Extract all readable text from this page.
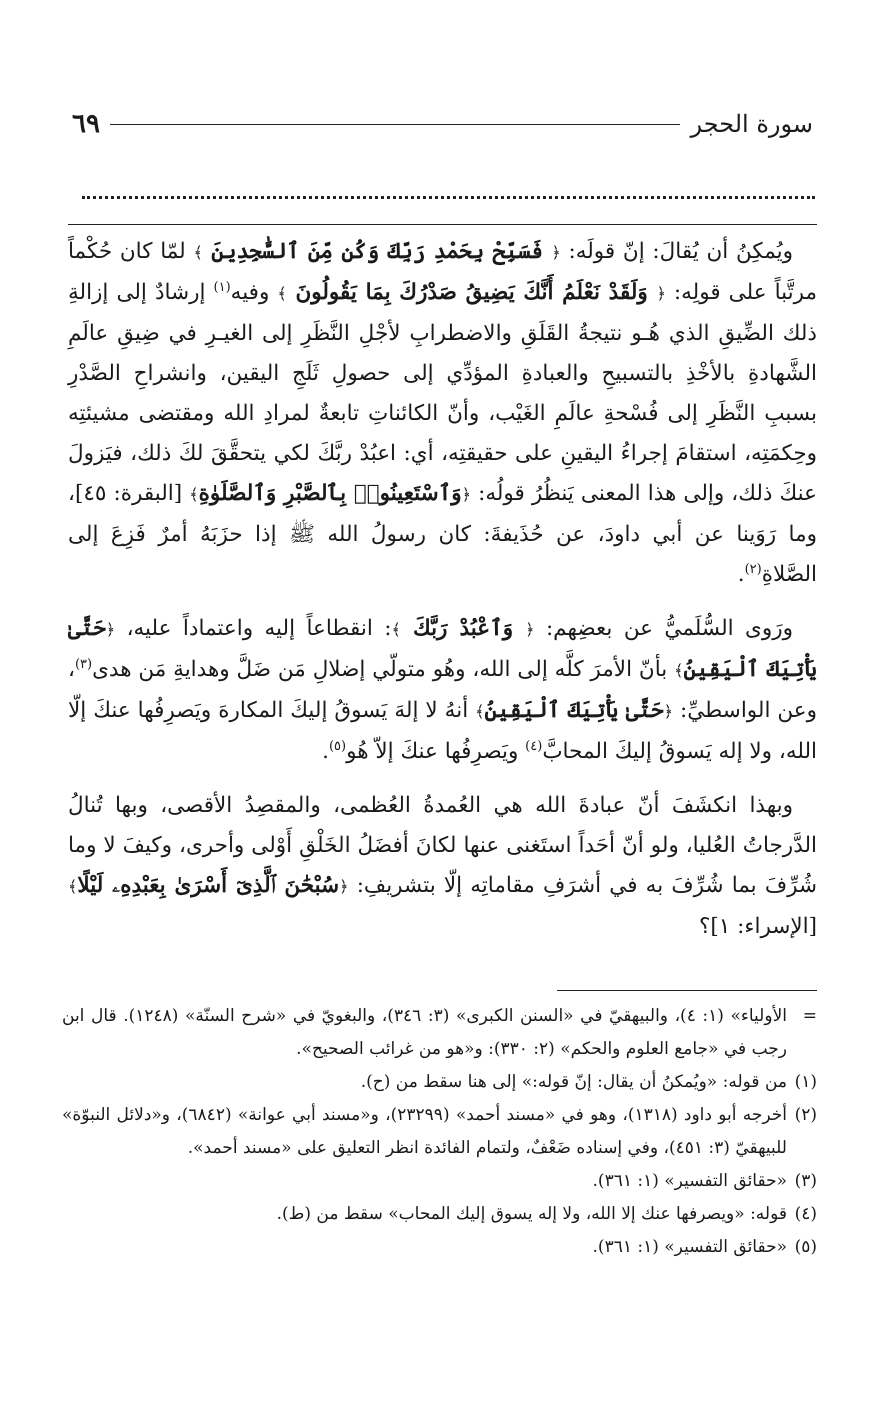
سورة الحجر
٦٩

ويُمكِنُ أن يُقالَ: إنّ قولَه: ﴿ فَسَبِّحْ بِحَمْدِ رَبِّكَ وَكُن مِّنَ ٱلسَّٰجِدِينَ ﴾ لمّا كان حُكْماً مرتَّباً على قولِه: ﴿ وَلَقَدْ نَعْلَمُ أَنَّكَ يَضِيقُ صَدْرُكَ بِمَا يَقُولُونَ ﴾ وفيه$^{(١)}$ إرشادٌ إلى إزالةِ ذلك الضِّيقِ الذي هُـو نتيجةُ القَلَقِ والاضطرابِ لأجْلِ النَّظَرِ إلى الغيـرِ في ضِيقِ عالَمِ الشَّهادةِ بالأخْذِ بالتسبيحِ والعبادةِ المؤدِّي إلى حصولِ ثَلَجِ اليقين، وانشراحِ الصَّدْرِ بسببِ النَّظَرِ إلى فُسْحةِ عالَمِ الغَيْب، وأنّ الكائناتِ تابعةٌ لمرادِ الله ومقتضى مشيئتِه وحِكمَتِه، استقامَ إجراءُ اليقينِ على حقيقتِه، أي: اعبُدْ ربَّكَ لكي يتحقَّقَ لكَ ذلك، فيَزولَ عنكَ ذلك، وإلى هذا المعنى يَنظُرُ قولُه: ﴿وَٱسْتَعِينُوا۟ بِٱلصَّبْرِ وَٱلصَّلَوٰةِ﴾ [البقرة: ٤٥]، وما رَوَينا عن أبي داودَ، عن حُذَيفةَ: كان رسولُ الله ﷺ إذا حزَبَهُ أمرٌ فَزِعَ إلى الصَّلاةِ$^{(٢)}$.

ورَوى السُّلَميُّ عن بعضِهم: ﴿ وَٱعْبُدْ رَبَّكَ ﴾: انقطاعاً إليه واعتماداً عليه، ﴿حَتَّىٰ يَأْتِيَكَ ٱلْيَقِينُ﴾ بأنّ الأمرَ كلَّه إلى الله، وهُو متولّي إضلالِ مَن ضَلَّ وهدايةِ مَن هدى$^{(٣)}$، وعن الواسطيِّ: ﴿حَتَّىٰ يَأْتِيَكَ ٱلْيَقِينُ﴾ أنهُ لا إلهَ يَسوقُ إليكَ المكارهَ ويَصرِفُها عنكَ إلّا الله، ولا إله يَسوقُ إليكَ المحابَّ$^{(٤)}$ ويَصرِفُها عنكَ إلاّ هُو$^{(٥)}$.

وبهذا انكشَفَ أنّ عبادةَ الله هي العُمدةُ العُظمى، والمقصِدُ الأقصى، وبها تُنالُ الدَّرجاتُ العُليا، ولو أنّ أحَداً استَغنى عنها لكانَ أفضَلُ الخَلْقِ أَوْلى وأحرى، وكيفَ لا وما شُرِّفَ بما شُرِّفَ به في أشرَفِ مقاماتِه إلّا بتشريفِ: ﴿سُبْحَٰنَ ٱلَّذِىٓ أَسْرَىٰ بِعَبْدِهِۦ لَيْلًا﴾ [الإسراء: ١]؟

=
الأولياء» (١: ٤)، والبيهقيّ في «السنن الكبرى» (٣: ٣٤٦)، والبغويّ في «شرح السنّة» (١٢٤٨). قال ابن رجب في «جامع العلوم والحكم» (٢: ٣٣٠): و«هو من غرائب الصحيح».

(١)
من قوله: «ويُمكنُ أن يقال: إنّ قوله:» إلى هنا سقط من (ح).

(٢)
أخرجه أبو داود (١٣١٨)، وهو في «مسند أحمد» (٢٣٢٩٩)، و«مسند أبي عوانة» (٦٨٤٢)، و«دلائل النبوّة» للبيهقيّ (٣: ٤٥١)، وفي إسناده ضَعْفٌ، ولتمام الفائدة انظر التعليق على «مسند أحمد».

(٣)
«حقائق التفسير» (١: ٣٦١).

(٤)
قوله: «ويصرفها عنك إلا الله، ولا إله يسوق إليك المحاب» سقط من (ط).

(٥)
«حقائق التفسير» (١: ٣٦١).
